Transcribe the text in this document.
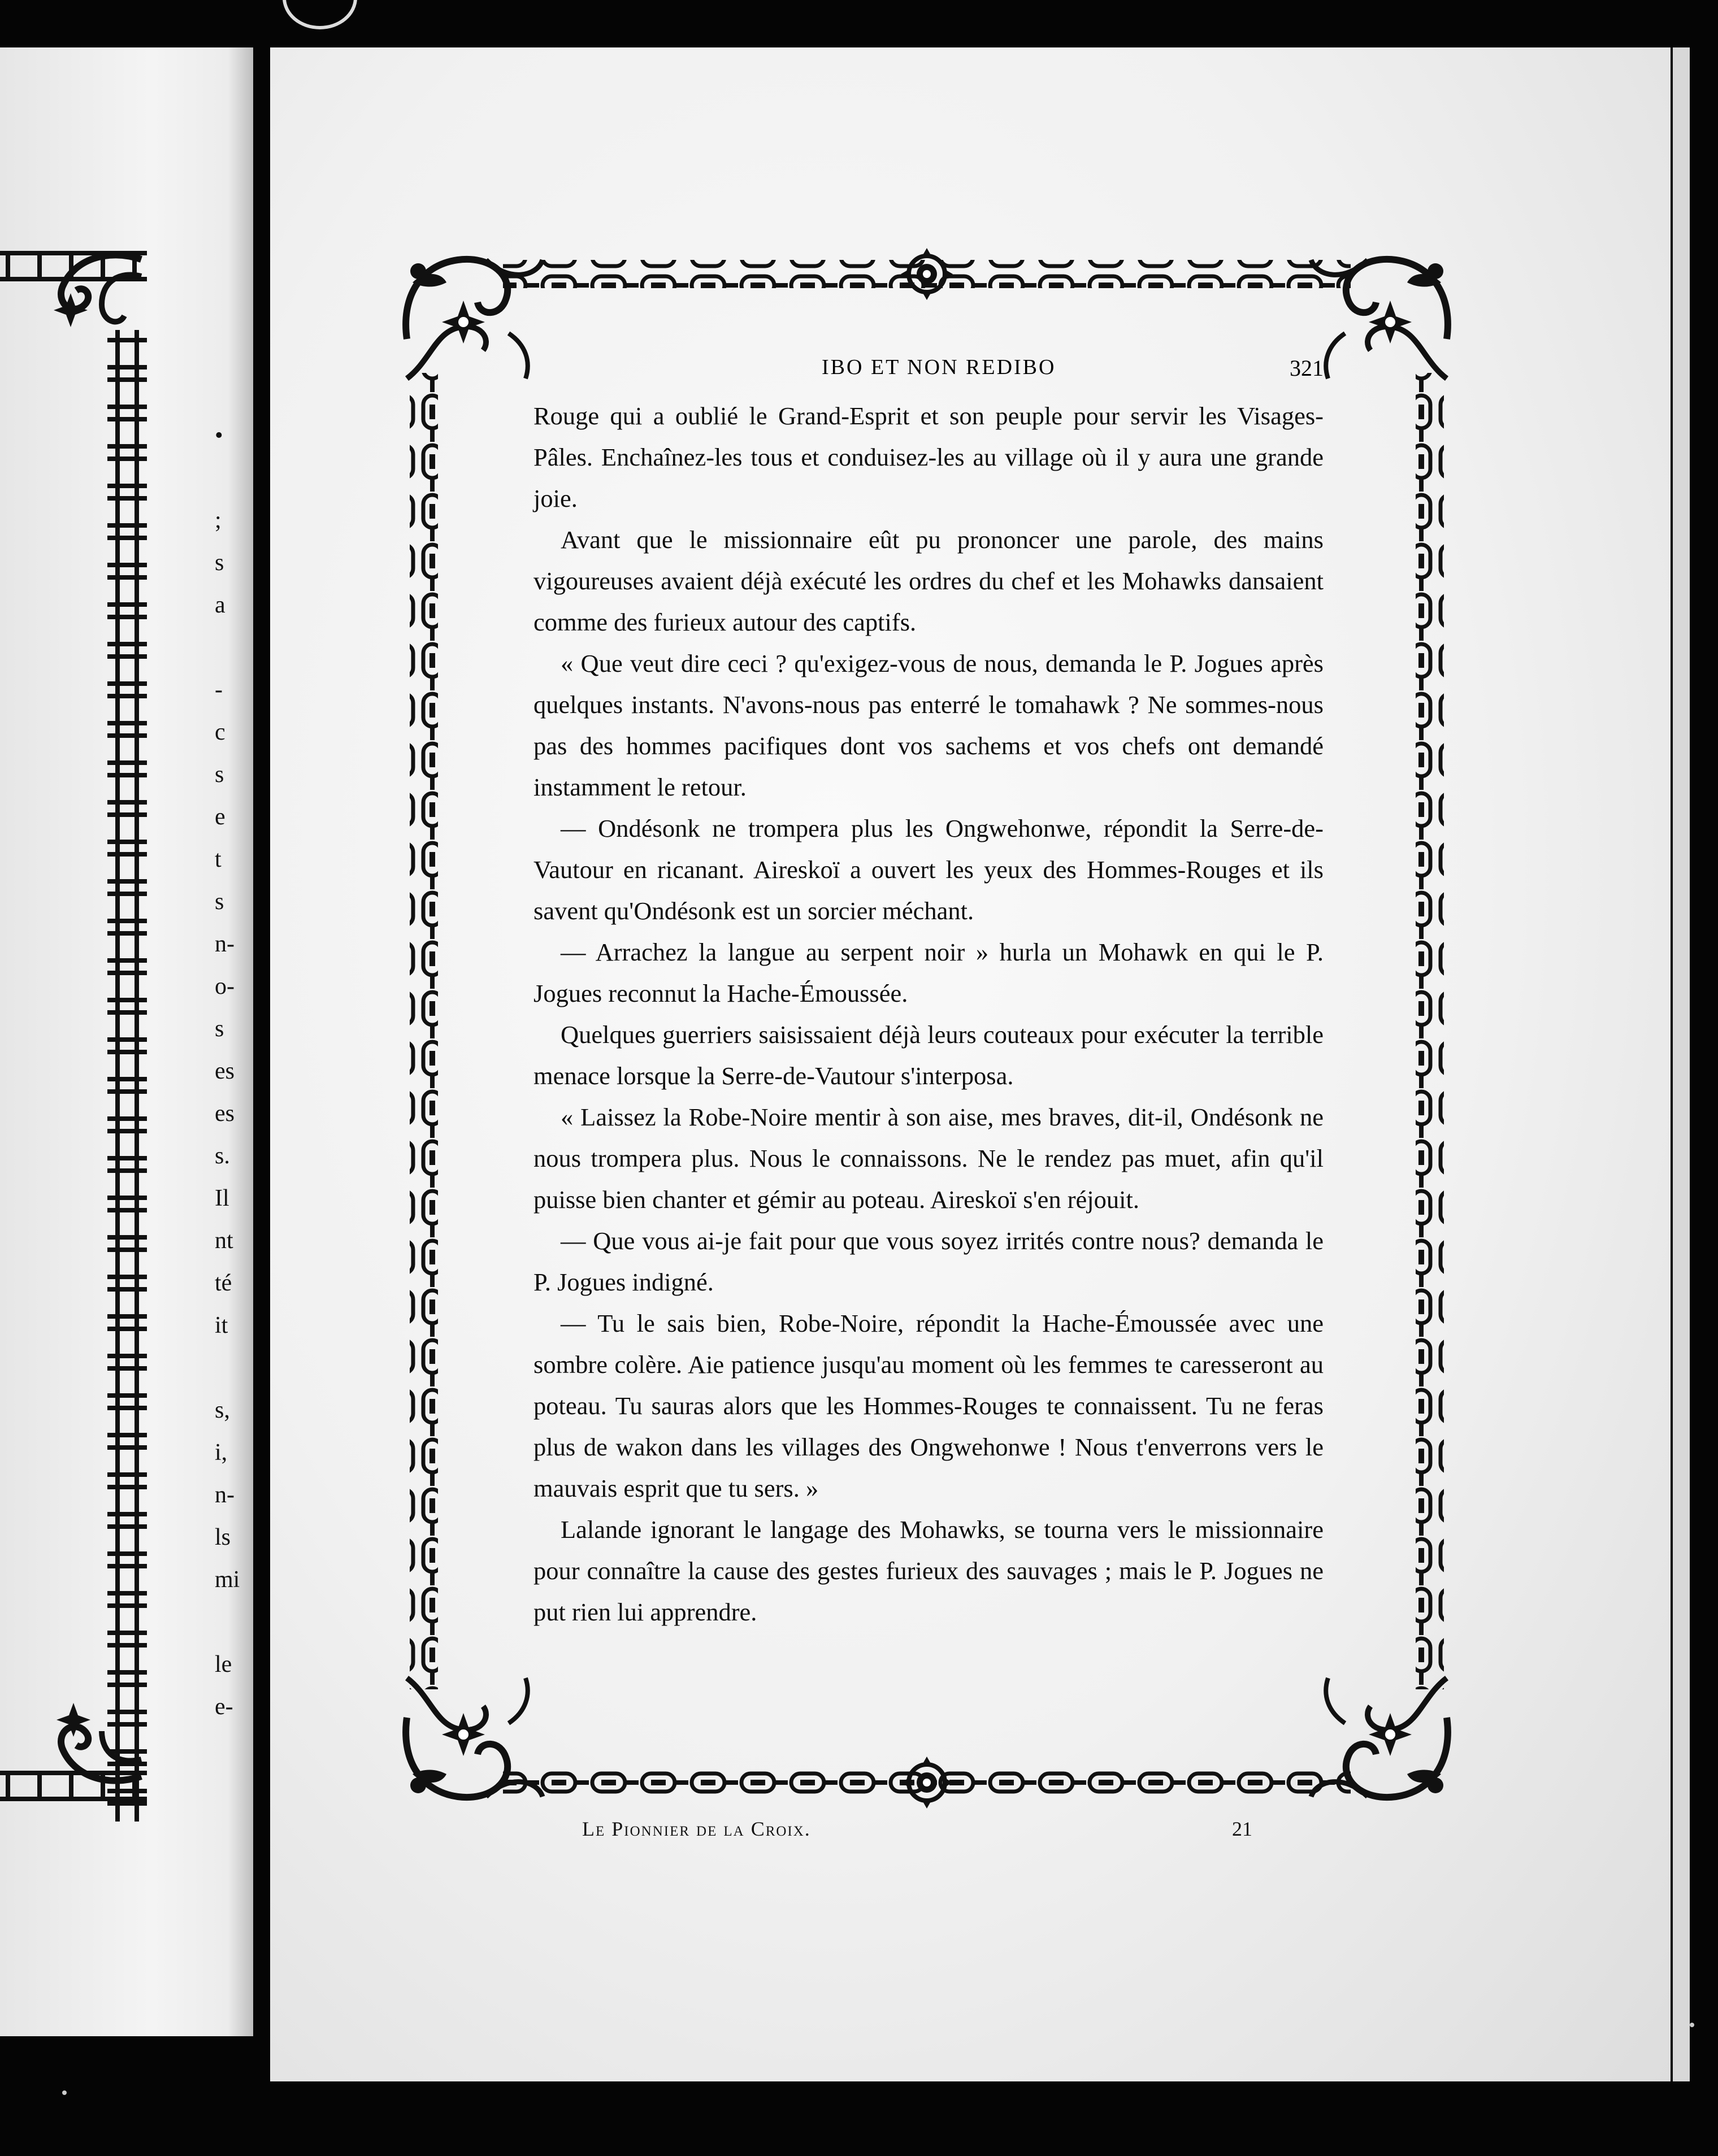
•
;
s
a
-
c
s
e
t
s
n-
o-
s
es
es
s.
Il
nt
té
it
s,
i,
n-
ls
mi
le
e-
IBO ET NON REDIBO	321

Rouge qui a oublié le Grand-Esprit et son peuple pour servir les Visages-Pâles. Enchaînez-les tous et conduisez-les au village où il y aura une grande joie.

Avant que le missionnaire eût pu prononcer une parole, des mains vigoureuses avaient déjà exécuté les ordres du chef et les Mohawks dansaient comme des furieux autour des captifs.

« Que veut dire ceci ? qu'exigez-vous de nous, demanda le P. Jogues après quelques instants. N'avons-nous pas enterré le tomahawk ? Ne sommes-nous pas des hommes pacifiques dont vos sachems et vos chefs ont demandé instamment le retour.

— Ondésonk ne trompera plus les Ongwehonwe, répondit la Serre-de-Vautour en ricanant. Aireskoï a ouvert les yeux des Hommes-Rouges et ils savent qu'Ondésonk est un sorcier méchant.

— Arrachez la langue au serpent noir » hurla un Mohawk en qui le P. Jogues reconnut la Hache-Émoussée.

Quelques guerriers saisissaient déjà leurs couteaux pour exécuter la terrible menace lorsque la Serre-de-Vautour s'interposa.

« Laissez la Robe-Noire mentir à son aise, mes braves, dit-il, Ondésonk ne nous trompera plus. Nous le connaissons. Ne le rendez pas muet, afin qu'il puisse bien chanter et gémir au poteau. Aireskoï s'en réjouit.

— Que vous ai-je fait pour que vous soyez irrités contre nous? demanda le P. Jogues indigné.

— Tu le sais bien, Robe-Noire, répondit la Hache-Émoussée avec une sombre colère. Aie patience jusqu'au moment où les femmes te caresseront au poteau. Tu sauras alors que les Hommes-Rouges te connaissent. Tu ne feras plus de wakon dans les villages des Ongwehonwe ! Nous t'enverrons vers le mauvais esprit que tu sers. »

Lalande ignorant le langage des Mohawks, se tourna vers le missionnaire pour connaître la cause des gestes furieux des sauvages ; mais le P. Jogues ne put rien lui apprendre.

Le Pionnier de la Croix.	21
